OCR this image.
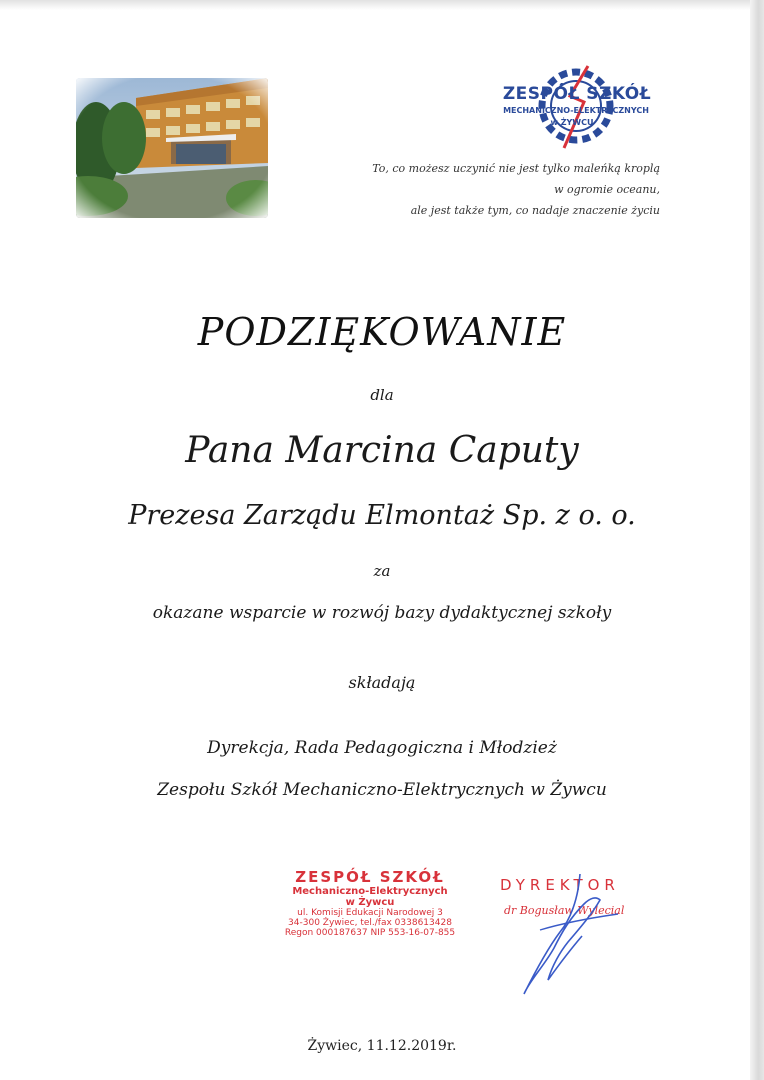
ZESPÓŁ SZKÓŁ
MECHANICZNO-ELEKTRYCZNYCH
w ŻYWCU
To, co możesz uczynić nie jest tylko maleńką kroplą
w ogromie oceanu,
ale jest także tym, co nadaje znaczenie życiu
PODZIĘKOWANIE
dla
Pana Marcina Caputy
Prezesa Zarządu Elmontaż Sp. z o. o.
za
okazane wsparcie w rozwój bazy dydaktycznej szkoły
składają
Dyrekcja, Rada Pedagogiczna i Młodzież
Zespołu Szkół Mechaniczno-Elektrycznych w Żywcu
ZESPÓŁ SZKÓŁ
Mechaniczno-Elektrycznych
w Żywcu
ul. Komisji Edukacji Narodowej 3
34-300 Żywiec, tel./fax 0338613428
Regon 000187637 NIP 553-16-07-855
DYREKTOR
dr Bogusław Wylecial
Żywiec, 11.12.2019r.
